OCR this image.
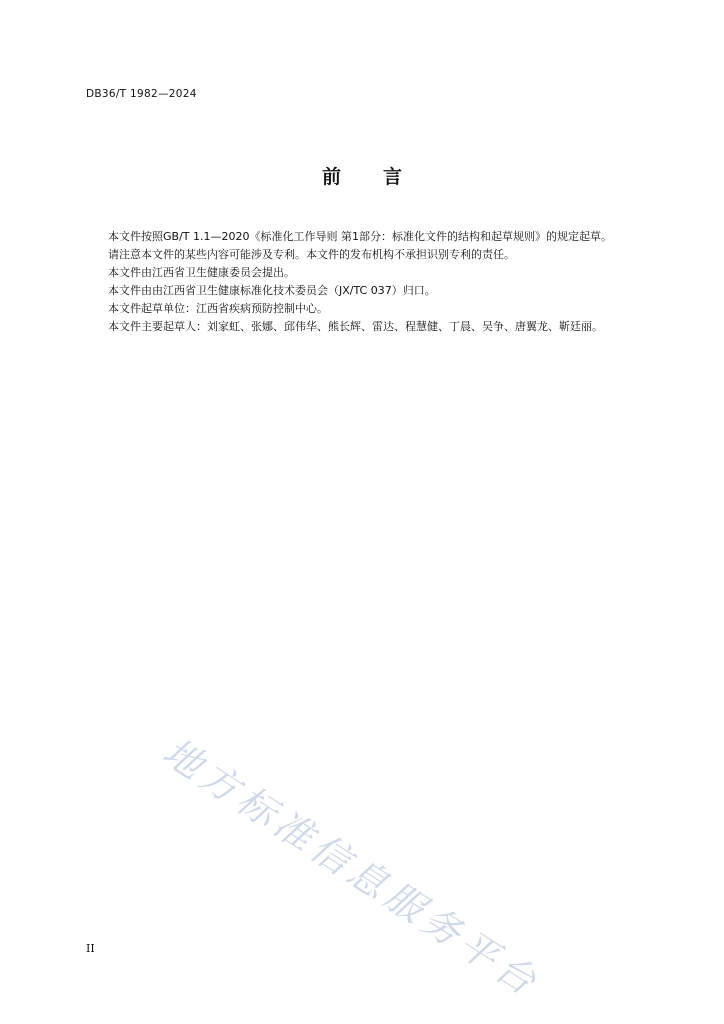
DB36/T 1982—2024
前 言

本文件按照GB/T 1.1—2020《标准化工作导则 第1部分：标准化文件的结构和起草规则》的规定起草。

请注意本文件的某些内容可能涉及专利。本文件的发布机构不承担识别专利的责任。

本文件由江西省卫生健康委员会提出。

本文件由由江西省卫生健康标准化技术委员会（JX/TC 037）归口。

本文件起草单位：江西省疾病预防控制中心。

本文件主要起草人：刘家虹、张娜、邱伟华、熊长辉、雷达、程慧健、丁晨、吴争、唐翼龙、靳廷丽。

地方标准信息服务平台
II
